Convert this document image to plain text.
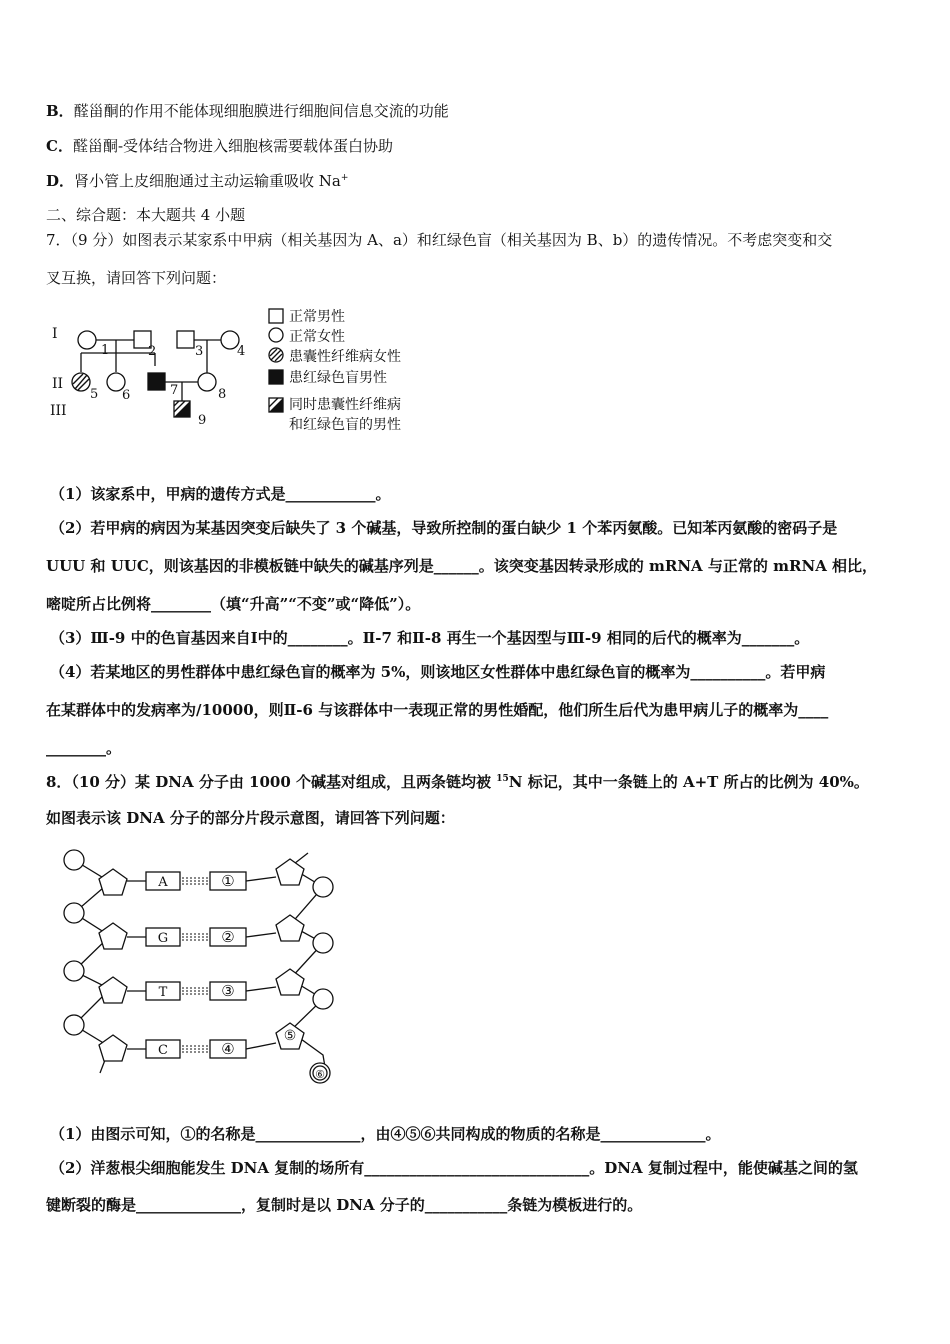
B．醛甾酮的作用不能体现细胞膜进行细胞间信息交流的功能
C．醛甾酮-受体结合物进入细胞核需要载体蛋白协助
D．肾小管上皮细胞通过主动运输重吸收 Na+
二、综合题：本大题共 4 小题
7．（9 分）如图表示某家系中甲病（相关基因为 A、a）和红绿色盲（相关基因为 B、b）的遗传情况。不考虑突变和交
叉互换，请回答下列问题：
I
II
III
1	2	3	4
5 6	7	8
9
正常男性
正常女性
患囊性纤维病女性
患红绿色盲男性
同时患囊性纤维病
和红绿色盲的男性
（1）该家系中，甲病的遗传方式是____________。
（2）若甲病的病因为某基因突变后缺失了 3 个碱基，导致所控制的蛋白缺少 1 个苯丙氨酸。已知苯丙氨酸的密码子是
UUU 和 UUC，则该基因的非模板链中缺失的碱基序列是______。该突变基因转录形成的 mRNA 与正常的 mRNA 相比，
嘧啶所占比例将________（填“升高”“不变”或“降低”）。
（3）Ⅲ-9 中的色盲基因来自Ⅰ中的________。Ⅱ-7 和Ⅱ-8 再生一个基因型与Ⅲ-9 相同的后代的概率为_______。
（4）若某地区的男性群体中患红绿色盲的概率为 5%，则该地区女性群体中患红绿色盲的概率为__________。若甲病
在某群体中的发病率为/10000，则Ⅱ-6 与该群体中一表现正常的男性婚配，他们所生后代为患甲病儿子的概率为____
________。
8．（10 分）某 DNA 分子由 1000 个碱基对组成，且两条链均被 $^{15}$N 标记，其中一条链上的 A+T 所占的比例为 40%。
如图表示该 DNA 分子的部分片段示意图，请回答下列问题：
A
G
T
C
①
②
③
④
⑤
⑥
（1）由图示可知，①的名称是______________，由④⑤⑥共同构成的物质的名称是______________。
（2）洋葱根尖细胞能发生 DNA 复制的场所有______________________________。DNA 复制过程中，能使碱基之间的氢
键断裂的酶是______________，复制时是以 DNA 分子的___________条链为模板进行的。
